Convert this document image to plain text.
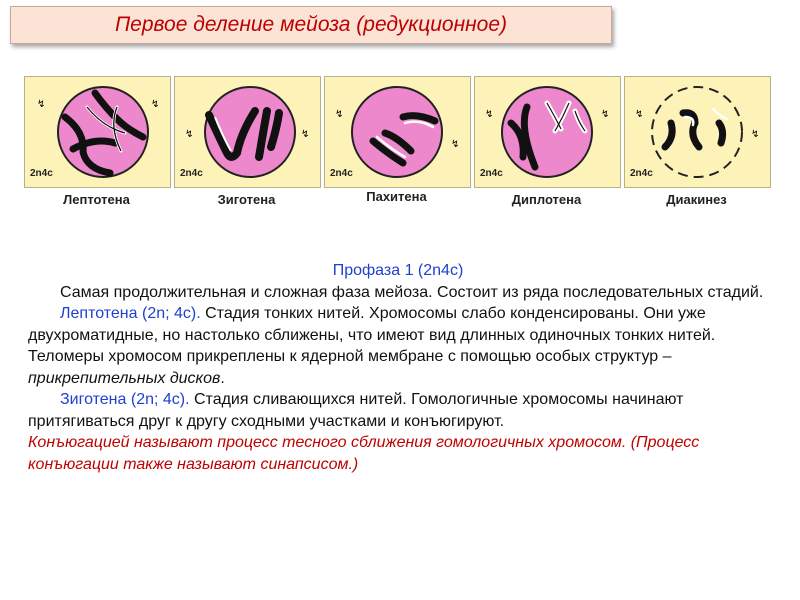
Первое деление мейоза (редукционное)
↯	↯
2n4c
↯	↯
2n4c
↯
↯
2n4c
↯	↯
2n4c
↯
↯
2n4c
Лептотена	Зиготена	Пахитена	Диплотена	Диакинез
Профаза 1 (2n4c)
Самая продолжительная и сложная фаза мейоза. Состоит из ряда последовательных стадий.
Лептотена (2n; 4c). Стадия тонких нитей. Хромосомы слабо конденсированы. Они уже двухроматидные, но настолько сближены, что имеют вид длинных одиночных тонких нитей. Теломеры хромосом прикреплены к ядерной мембране с помощью особых структур – прикрепительных дисков.
Зиготена (2n; 4c). Стадия сливающихся нитей. Гомологичные хромосомы начинают притягиваться друг к другу сходными участками и конъюгируют.
Конъюгацией называют процесс тесного сближения гомологичных хромосом. (Процесс конъюгации также называют синапсисом.)
